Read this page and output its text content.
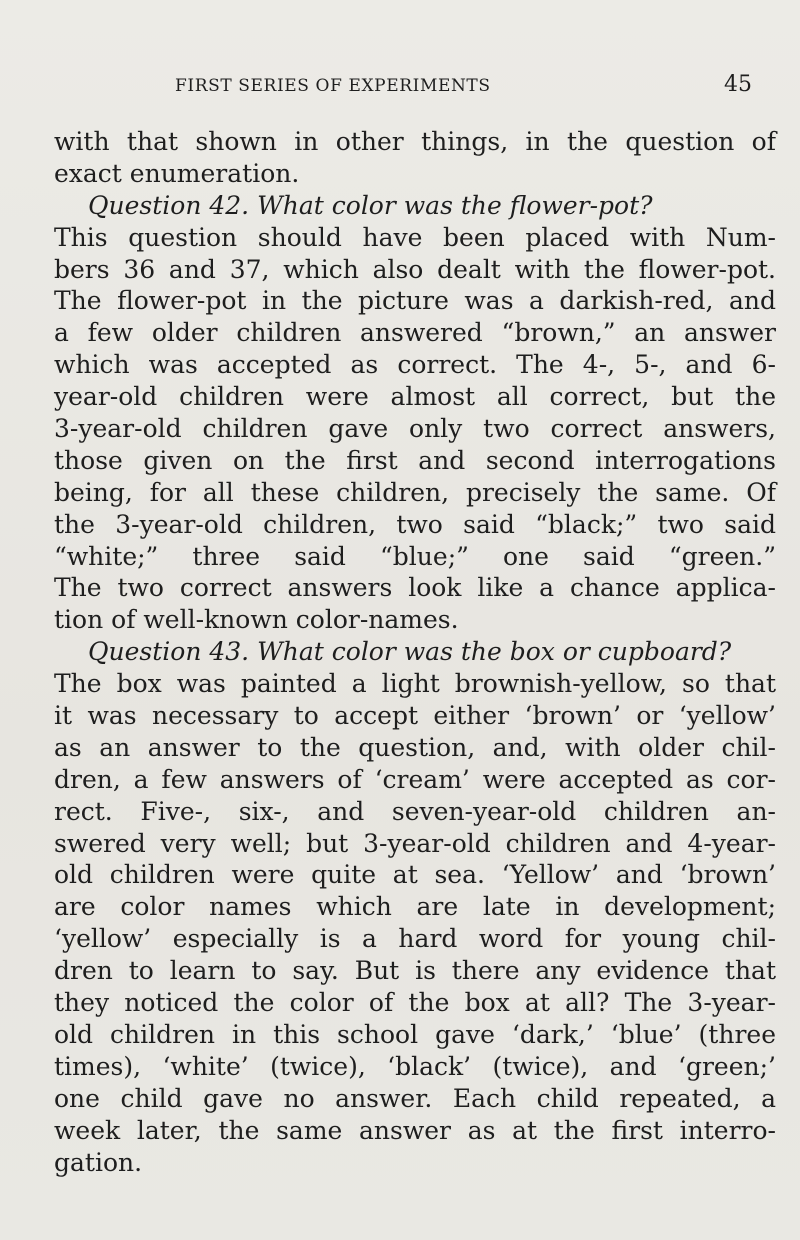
FIRST SERIES OF EXPERIMENTS	45
with that shown in other things, in the question of
exact enumeration.
Question 42. What color was the flower-pot?
This question should have been placed with Num-
bers 36 and 37, which also dealt with the flower-pot.
The flower-pot in the picture was a darkish-red, and
a few older children answered “brown,” an answer
which was accepted as correct. The 4-, 5-, and 6-
year-old children were almost all correct, but the
3-year-old children gave only two correct answers,
those given on the first and second interrogations
being, for all these children, precisely the same. Of
the 3-year-old children, two said “black;” two said
“white;” three said “blue;” one said “green.”
The two correct answers look like a chance applica-
tion of well-known color-names.
Question 43. What color was the box or cupboard?
The box was painted a light brownish-yellow, so that
it was necessary to accept either ‘brown’ or ‘yellow’
as an answer to the question, and, with older chil-
dren, a few answers of ‘cream’ were accepted as cor-
rect. Five-, six-, and seven-year-old children an-
swered very well; but 3-year-old children and 4-year-
old children were quite at sea. ‘Yellow’ and ‘brown’
are color names which are late in development;
‘yellow’ especially is a hard word for young chil-
dren to learn to say. But is there any evidence that
they noticed the color of the box at all? The 3-year-
old children in this school gave ‘dark,’ ‘blue’ (three
times), ‘white’ (twice), ‘black’ (twice), and ‘green;’
one child gave no answer. Each child repeated, a
week later, the same answer as at the first interro-
gation.
